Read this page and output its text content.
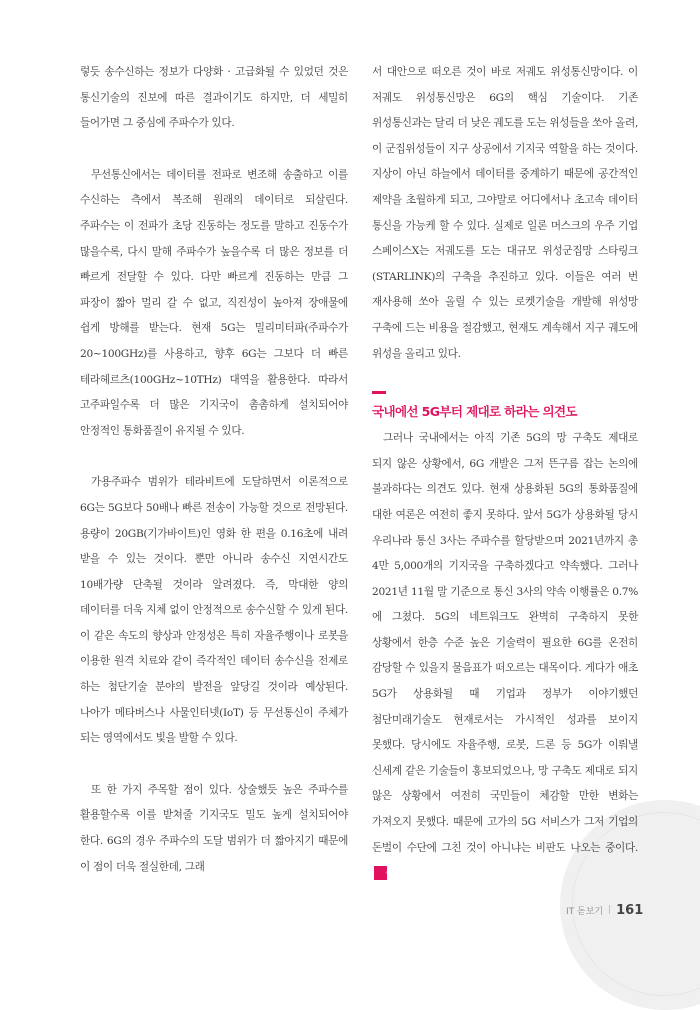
렇듯 송수신하는 정보가 다양화 · 고급화될 수 있었던 것은 통신기술의 진보에 따른 결과이기도 하지만, 더 세밀히 들어가면 그 중심에 주파수가 있다.

무선통신에서는 데이터를 전파로 변조해 송출하고 이를 수신하는 측에서 복조해 원래의 데이터로 되살린다. 주파수는 이 전파가 초당 진동하는 정도를 말하고 진동수가 많을수록, 다시 말해 주파수가 높을수록 더 많은 정보를 더 빠르게 전달할 수 있다. 다만 빠르게 진동하는 만큼 그 파장이 짧아 멀리 갈 수 없고, 직진성이 높아져 장애물에 쉽게 방해를 받는다. 현재 5G는 밀리미터파(주파수가 20~100GHz)를 사용하고, 향후 6G는 그보다 더 빠른 테라헤르츠(100GHz~10THz) 대역을 활용한다. 따라서 고주파일수록 더 많은 기지국이 촘촘하게 설치되어야 안정적인 통화품질이 유지될 수 있다.

가용주파수 범위가 테라비트에 도달하면서 이론적으로 6G는 5G보다 50배나 빠른 전송이 가능할 것으로 전망된다. 용량이 20GB(기가바이트)인 영화 한 편을 0.16초에 내려 받을 수 있는 것이다. 뿐만 아니라 송수신 지연시간도 10배가량 단축될 것이라 알려졌다. 즉, 막대한 양의 데이터를 더욱 지체 없이 안정적으로 송수신할 수 있게 된다. 이 같은 속도의 향상과 안정성은 특히 자율주행이나 로봇을 이용한 원격 치료와 같이 즉각적인 데이터 송수신을 전제로 하는 첨단기술 분야의 발전을 앞당길 것이라 예상된다. 나아가 메타버스나 사물인터넷(IoT) 등 무선통신이 주체가 되는 영역에서도 빛을 발할 수 있다.

또 한 가지 주목할 점이 있다. 상술했듯 높은 주파수를 활용할수록 이를 받쳐줄 기지국도 밀도 높게 설치되어야 한다. 6G의 경우 주파수의 도달 범위가 더 짧아지기 때문에 이 점이 더욱 절실한데, 그래

서 대안으로 떠오른 것이 바로 저궤도 위성통신망이다. 이 저궤도 위성통신망은 6G의 핵심 기술이다. 기존 위성통신과는 달리 더 낮은 궤도를 도는 위성들을 쏘아 올려, 이 군집위성들이 지구 상공에서 기지국 역할을 하는 것이다. 지상이 아닌 하늘에서 데이터를 중계하기 때문에 공간적인 제약을 초월하게 되고, 그야말로 어디에서나 초고속 데이터 통신을 가능케 할 수 있다. 실제로 일론 머스크의 우주 기업 스페이스X는 저궤도를 도는 대규모 위성군집망 스타링크(STARLINK)의 구축을 추진하고 있다. 이들은 여러 번 재사용해 쏘아 올릴 수 있는 로켓기술을 개발해 위성망 구축에 드는 비용을 절감했고, 현재도 계속해서 지구 궤도에 위성을 올리고 있다.

국내에선 5G부터 제대로 하라는 의견도

그러나 국내에서는 아직 기존 5G의 망 구축도 제대로 되지 않은 상황에서, 6G 개발은 그저 뜬구름 잡는 논의에 불과하다는 의견도 있다. 현재 상용화된 5G의 통화품질에 대한 여론은 여전히 좋지 못하다. 앞서 5G가 상용화될 당시 우리나라 통신 3사는 주파수를 할당받으며 2021년까지 총 4만 5,000개의 기지국을 구축하겠다고 약속했다. 그러나 2021년 11월 말 기준으로 통신 3사의 약속 이행률은 0.7%에 그쳤다. 5G의 네트워크도 완벽히 구축하지 못한 상황에서 한층 수준 높은 기술력이 필요한 6G를 온전히 감당할 수 있을지 물음표가 떠오르는 대목이다. 게다가 애초 5G가 상용화될 때 기업과 정부가 이야기했던 첨단미래기술도 현재로서는 가시적인 성과를 보이지 못했다. 당시에도 자율주행, 로봇, 드론 등 5G가 이뤄낼 신세계 같은 기술들이 홍보되었으나, 망 구축도 제대로 되지 않은 상황에서 여전히 국민들이 체감할 만한 변화는 가져오지 못했다. 때문에 고가의 5G 서비스가 그저 기업의 돈벌이 수단에 그친 것이 아니냐는 비판도 나오는 중이다.신세

IT 돋보기 161
